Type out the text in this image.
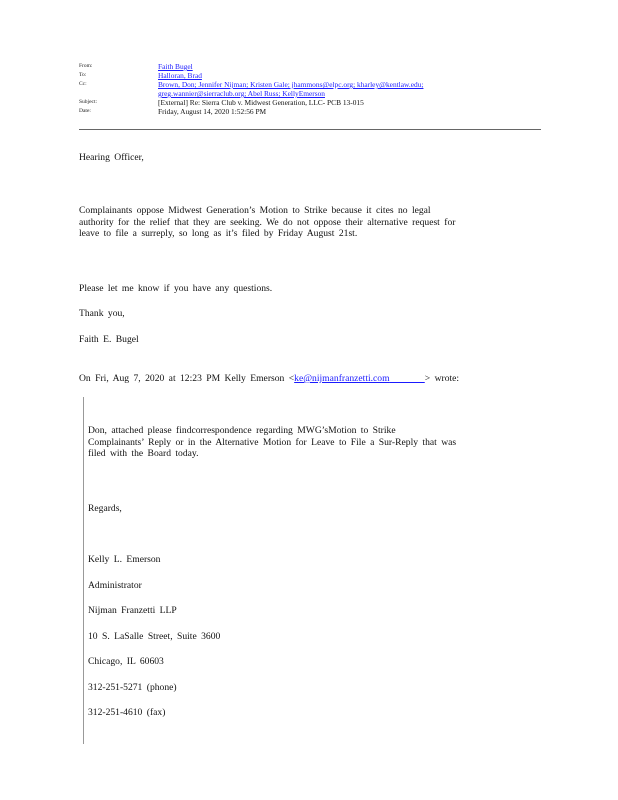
From:	Faith Bugel
To:	Halloran, Brad
Cc:	Brown, Don; Jennifer Nijman; Kristen Gale; jhammons@elpc.org; kharley@kentlaw.edu;
greg.wannier@sierraclub.org; Abel Russ; KellyEmerson
Subject:	[External] Re: Sierra Club v. Midwest Generation, LLC- PCB 13-015
Date:	Friday, August 14, 2020 1:52:56 PM
Hearing Officer,
Complainants oppose Midwest Generation’s Motion to Strike because it cites no legal
authority for the relief that they are seeking. We do not oppose their alternative request for
leave to file a surreply, so long as it’s filed by Friday August 21st.
Please let me know if you have any questions.
Thank you,
Faith E. Bugel
On Fri, Aug 7, 2020 at 12:23 PM Kelly Emerson <ke@nijmanfranzetti.com	> wrote:
Don, attached please findcorrespondence regarding MWG’sMotion to Strike
Complainants’ Reply or in the Alternative Motion for Leave to File a Sur-Reply that was
filed with the Board today.
Regards,
Kelly L. Emerson
Administrator
Nijman Franzetti LLP
10 S. LaSalle Street, Suite 3600
Chicago, IL 60603
312-251-5271 (phone)
312-251-4610 (fax)
